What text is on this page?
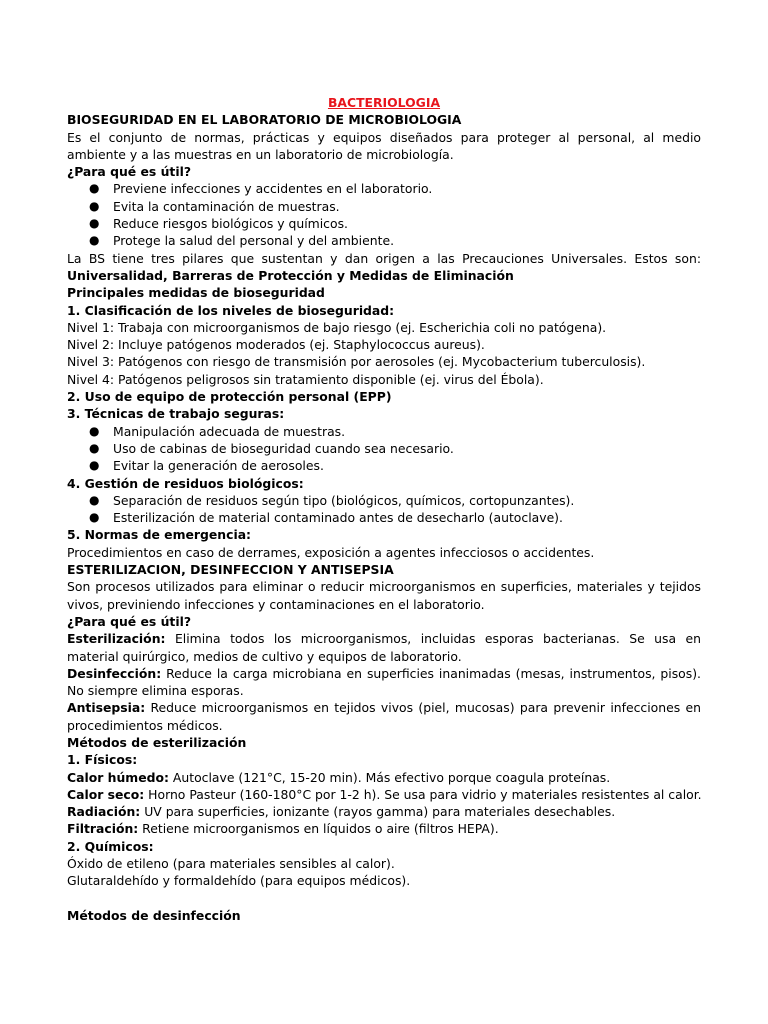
BACTERIOLOGIA

BIOSEGURIDAD EN EL LABORATORIO DE MICROBIOLOGIA

Es el conjunto de normas, prácticas y equipos diseñados para proteger al personal, al medio ambiente y a las muestras en un laboratorio de microbiología.

¿Para qué es útil?

● Previene infecciones y accidentes en el laboratorio.
● Evita la contaminación de muestras.
● Reduce riesgos biológicos y químicos.
● Protege la salud del personal y del ambiente.

La BS tiene tres pilares que sustentan y dan origen a las Precauciones Universales. Estos son: Universalidad, Barreras de Protección y Medidas de Eliminación

Principales medidas de bioseguridad

1. Clasificación de los niveles de bioseguridad:

Nivel 1: Trabaja con microorganismos de bajo riesgo (ej. Escherichia coli no patógena).

Nivel 2: Incluye patógenos moderados (ej. Staphylococcus aureus).

Nivel 3: Patógenos con riesgo de transmisión por aerosoles (ej. Mycobacterium tuberculosis).

Nivel 4: Patógenos peligrosos sin tratamiento disponible (ej. virus del Ébola).

2. Uso de equipo de protección personal (EPP)

3. Técnicas de trabajo seguras:

● Manipulación adecuada de muestras.
● Uso de cabinas de bioseguridad cuando sea necesario.
● Evitar la generación de aerosoles.

4. Gestión de residuos biológicos:

● Separación de residuos según tipo (biológicos, químicos, cortopunzantes).
● Esterilización de material contaminado antes de desecharlo (autoclave).

5. Normas de emergencia:

Procedimientos en caso de derrames, exposición a agentes infecciosos o accidentes.

ESTERILIZACION, DESINFECCION Y ANTISEPSIA

Son procesos utilizados para eliminar o reducir microorganismos en superficies, materiales y tejidos vivos, previniendo infecciones y contaminaciones en el laboratorio.

¿Para qué es útil?

Esterilización: Elimina todos los microorganismos, incluidas esporas bacterianas. Se usa en material quirúrgico, medios de cultivo y equipos de laboratorio.

Desinfección: Reduce la carga microbiana en superficies inanimadas (mesas, instrumentos, pisos). No siempre elimina esporas.

Antisepsia: Reduce microorganismos en tejidos vivos (piel, mucosas) para prevenir infecciones en procedimientos médicos.

Métodos de esterilización

1. Físicos:

Calor húmedo: Autoclave (121°C, 15-20 min). Más efectivo porque coagula proteínas.

Calor seco: Horno Pasteur (160-180°C por 1-2 h). Se usa para vidrio y materiales resistentes al calor.

Radiación: UV para superficies, ionizante (rayos gamma) para materiales desechables.

Filtración: Retiene microorganismos en líquidos o aire (filtros HEPA).

2. Químicos:

Óxido de etileno (para materiales sensibles al calor).

Glutaraldehído y formaldehído (para equipos médicos).

Métodos de desinfección
